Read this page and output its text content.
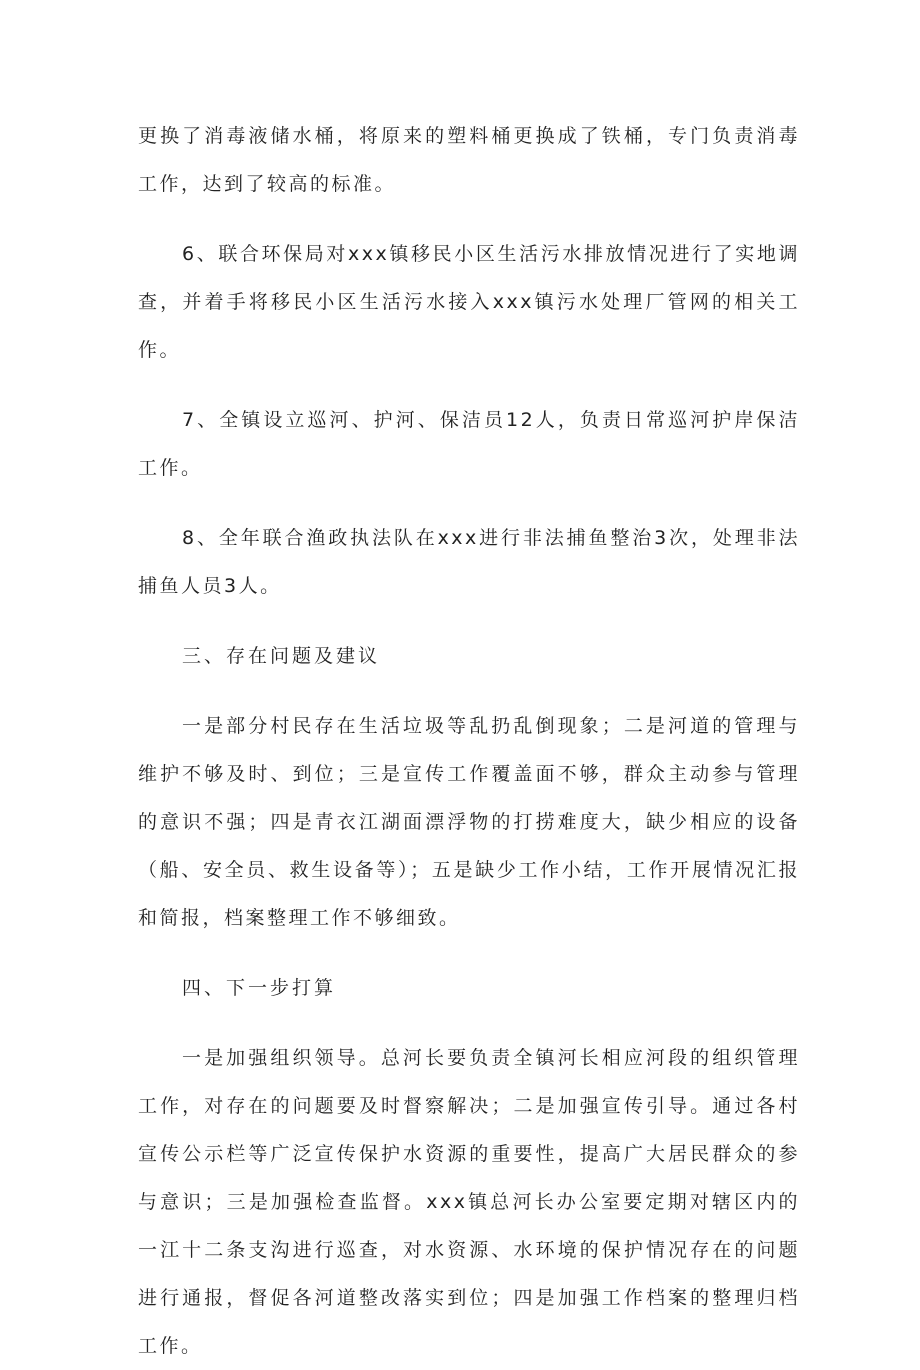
更换了消毒液储水桶，将原来的塑料桶更换成了铁桶，专门负责消毒工作，达到了较高的标准。

6、联合环保局对xxx镇移民小区生活污水排放情况进行了实地调查，并着手将移民小区生活污水接入xxx镇污水处理厂管网的相关工作。

7、全镇设立巡河、护河、保洁员12人，负责日常巡河护岸保洁工作。

8、全年联合渔政执法队在xxx进行非法捕鱼整治3次，处理非法捕鱼人员3人。

三、存在问题及建议

一是部分村民存在生活垃圾等乱扔乱倒现象；二是河道的管理与维护不够及时、到位；三是宣传工作覆盖面不够，群众主动参与管理的意识不强；四是青衣江湖面漂浮物的打捞难度大，缺少相应的设备（船、安全员、救生设备等）；五是缺少工作小结，工作开展情况汇报和简报，档案整理工作不够细致。

四、下一步打算

一是加强组织领导。总河长要负责全镇河长相应河段的组织管理工作，对存在的问题要及时督察解决；二是加强宣传引导。通过各村宣传公示栏等广泛宣传保护水资源的重要性，提高广大居民群众的参与意识；三是加强检查监督。xxx镇总河长办公室要定期对辖区内的一江十二条支沟进行巡查，对水资源、水环境的保护情况存在的问题进行通报，督促各河道整改落实到位；四是加强工作档案的整理归档工作。
